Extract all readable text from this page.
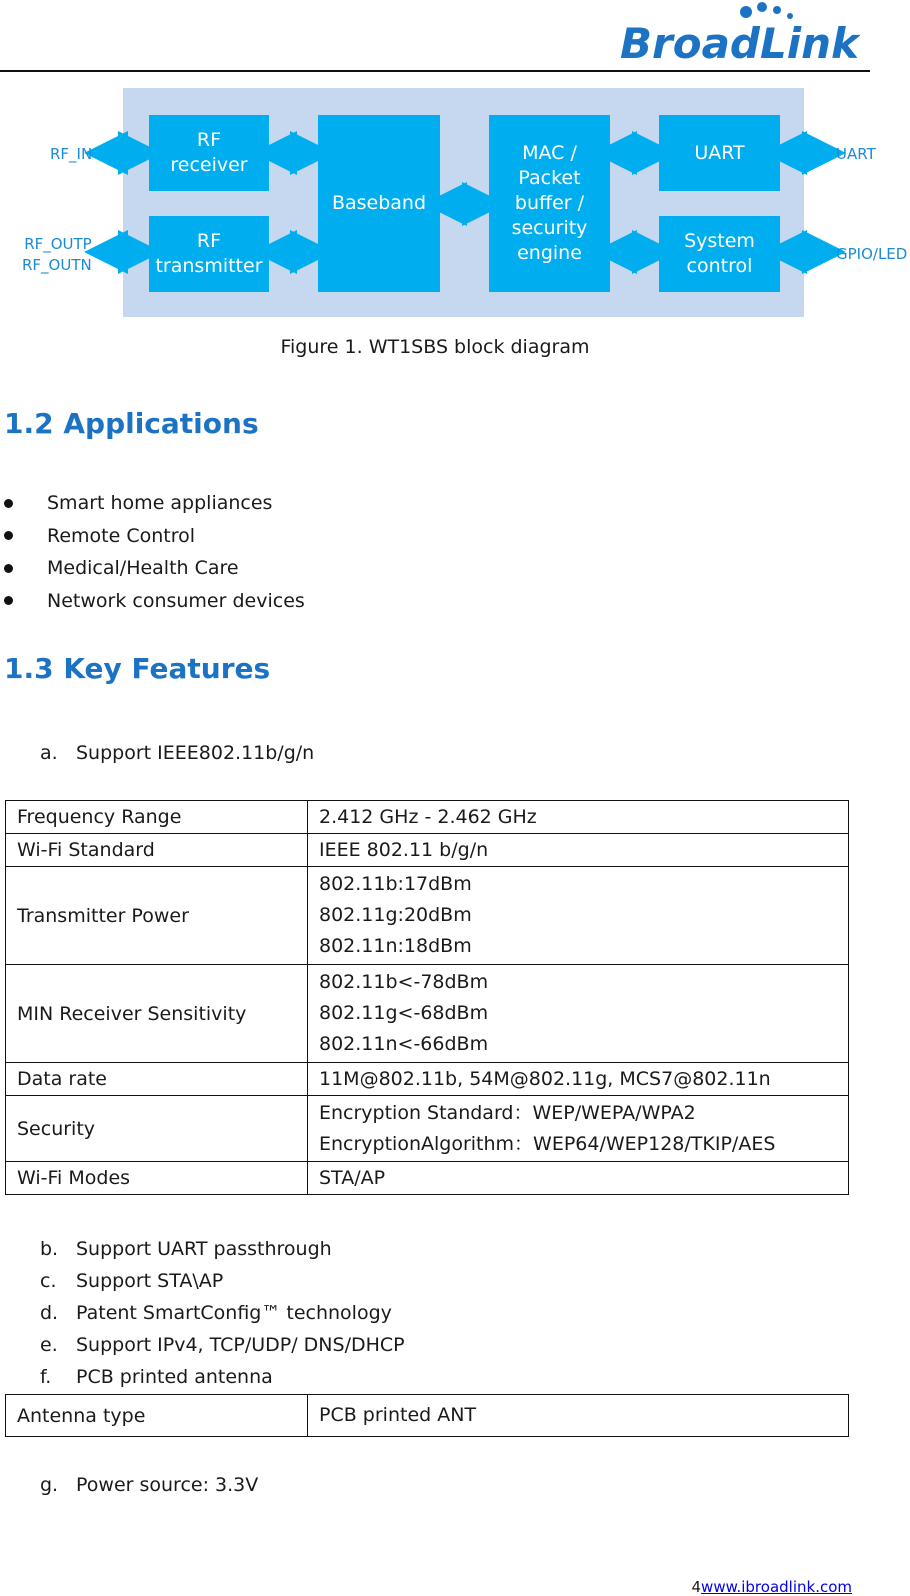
BroadLink
RF
receiver
RF
transmitter
Baseband
MAC /
Packet
buffer /
security
engine
UART
System
control
RF_IN
RF_OUTP
RF_OUTN
UART
GPIO/LED
Figure 1. WT1SBS block diagram
1.2 Applications
Smart home appliances
Remote Control
Medical/Health Care
Network consumer devices
1.3 Key Features
a. Support IEEE802.11b/g/n
Frequency Range	2.412 GHz - 2.462 GHz
Wi-Fi Standard	IEEE 802.11 b/g/n
Transmitter Power	802.11b:17dBm
802.11g:20dBm
802.11n:18dBm

MIN Receiver Sensitivity	802.11b<-78dBm
802.11g<-68dBm
802.11n<-66dBm

Data rate	11M@802.11b, 54M@802.11g, MCS7@802.11n
Security	Encryption Standard：WEP/WEPA/WPA2
EncryptionAlgorithm：WEP64/WEP128/TKIP/AES

Wi-Fi Modes	STA/AP
b. Support UART passthrough
c.	Support STA\AP
d. Patent SmartConfig™ technology
e. Support IPv4, TCP/UDP/ DNS/DHCP
f.	PCB printed antenna
Antenna type	PCB printed ANT
g. Power source: 3.3V
4www.ibroadlink.com
